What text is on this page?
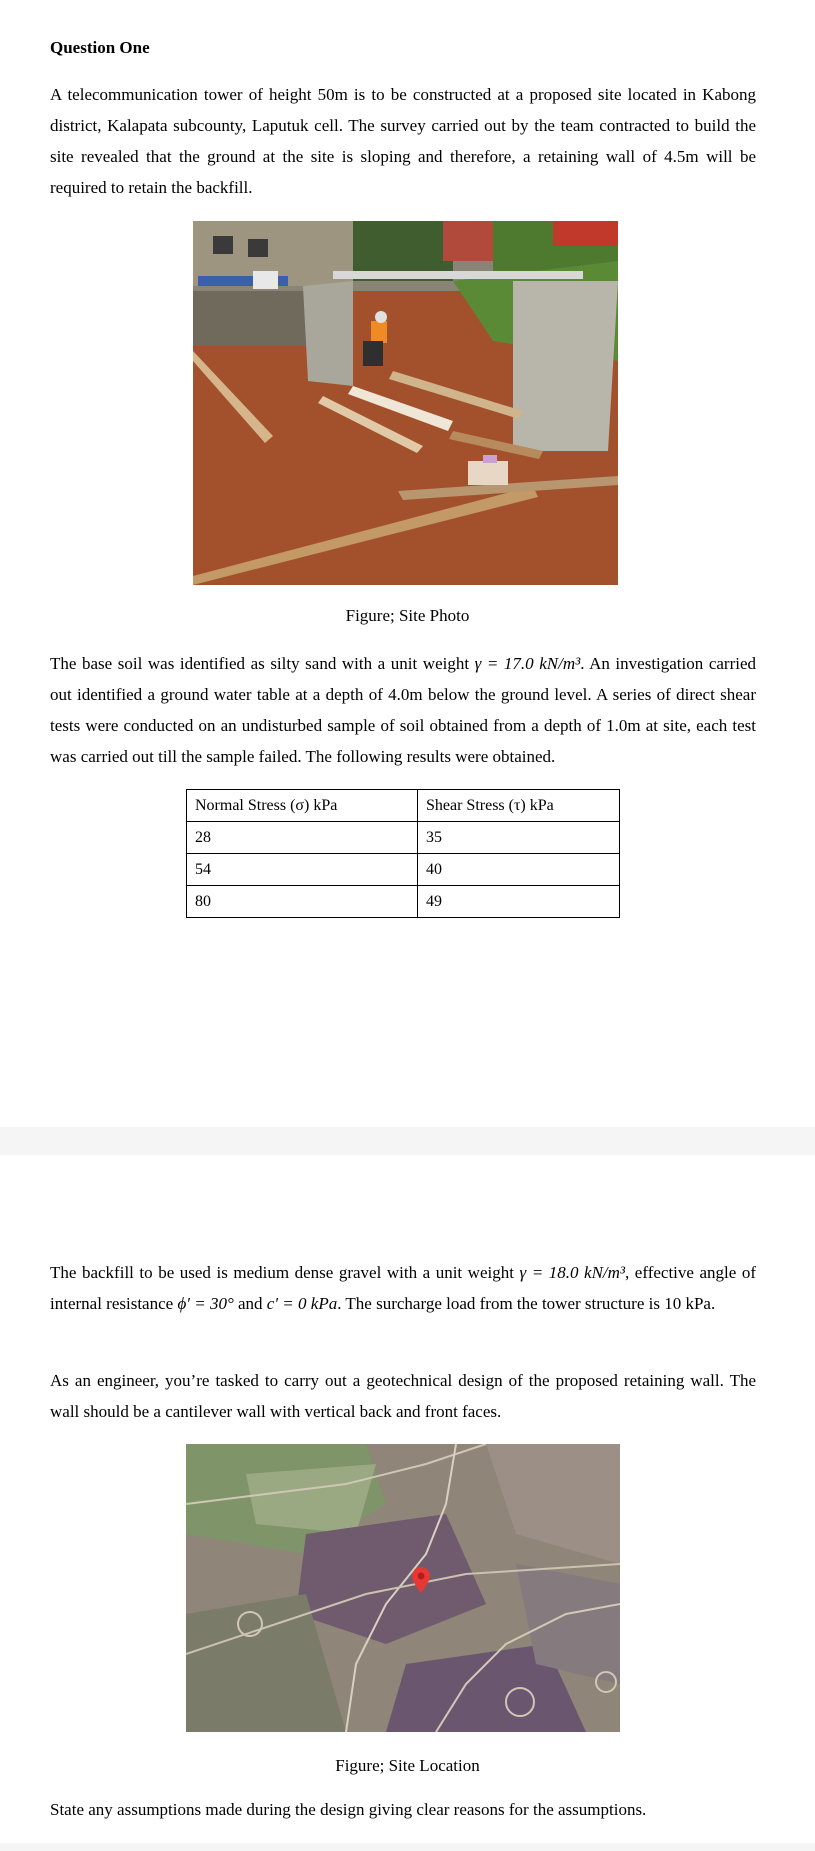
Question One

A telecommunication tower of height 50m is to be constructed at a proposed site located in Kabong district, Kalapata subcounty, Laputuk cell. The survey carried out by the team contracted to build the site revealed that the ground at the site is sloping and therefore, a retaining wall of 4.5m will be required to retain the backfill.

Figure; Site Photo

The base soil was identified as silty sand with a unit weight γ = 17.0 kN/m³. An investigation carried out identified a ground water table at a depth of 4.0m below the ground level. A series of direct shear tests were conducted on an undisturbed sample of soil obtained from a depth of 1.0m at site, each test was carried out till the sample failed. The following results were obtained.

Normal Stress (σ) kPa	Shear Stress (τ) kPa
28	35
54	40
80	49

The backfill to be used is medium dense gravel with a unit weight γ = 18.0 kN/m³, effective angle of internal resistance ϕ′ = 30° and c′ = 0 kPa. The surcharge load from the tower structure is 10 kPa.

As an engineer, you’re tasked to carry out a geotechnical design of the proposed retaining wall. The wall should be a cantilever wall with vertical back and front faces.

Figure; Site Location

State any assumptions made during the design giving clear reasons for the assumptions.
